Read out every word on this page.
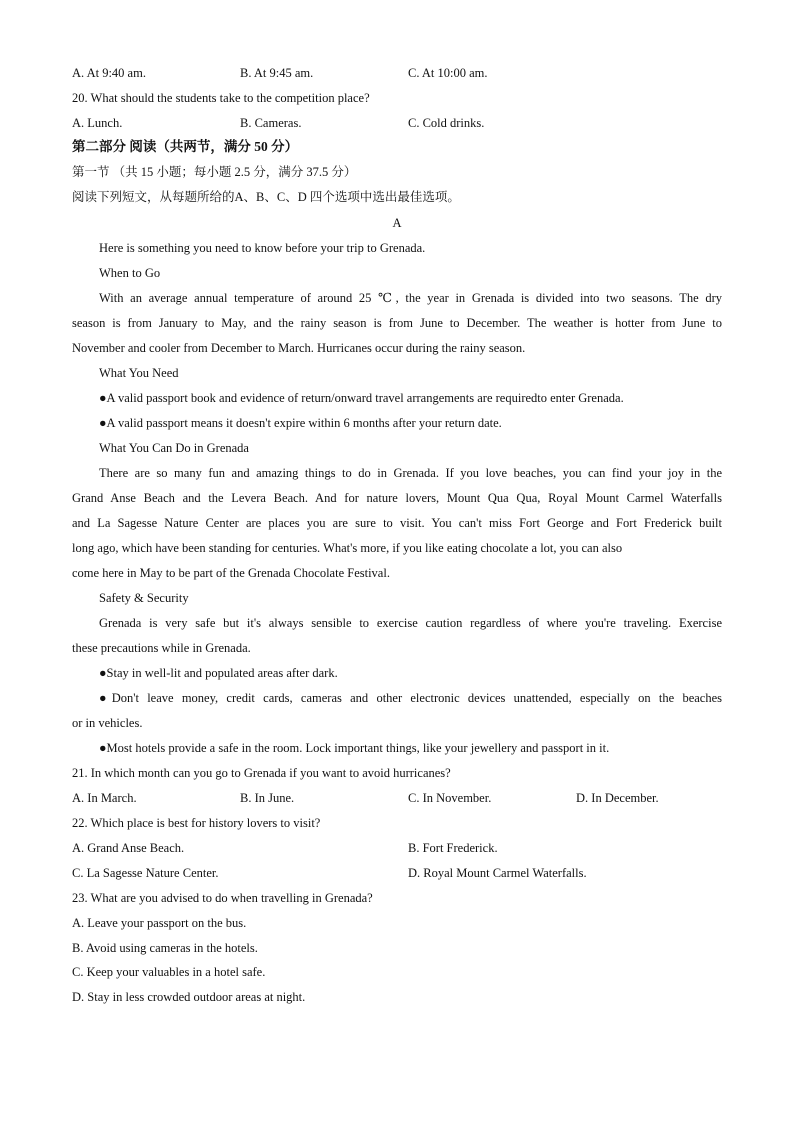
A. At 9:40 am.	B. At 9:45 am.	C. At 10:00 am.
20. What should the students take to the competition place?
A. Lunch.	B. Cameras.	C. Cold drinks.
第二部分 阅读（共两节，满分 50 分）
第一节 （共 15 小题；每小题 2.5 分，满分 37.5 分）
阅读下列短文，从每题所给的A、B、C、D 四个选项中选出最佳选项。
A
Here is something you need to know before your trip to Grenada.
When to Go
With an average annual temperature of around 25 ℃, the year in Grenada is divided into two seasons. The dry
season is from January to May, and the rainy season is from June to December. The weather is hotter from June to
November and cooler from December to March. Hurricanes occur during the rainy season.
What You Need
●A valid passport book and evidence of return/onward travel arrangements are requiredto enter Grenada.
●A valid passport means it doesn't expire within 6 months after your return date.
What You Can Do in Grenada
There are so many fun and amazing things to do in Grenada. If you love beaches, you can find your joy in the
Grand Anse Beach and the Levera Beach. And for nature lovers, Mount Qua Qua, Royal Mount Carmel Waterfalls
and La Sagesse Nature Center are places you are sure to visit. You can't miss Fort George and Fort Frederick built
long ago, which have been standing for centuries. What's more, if you like eating chocolate a lot, you can also
come here in May to be part of the Grenada Chocolate Festival.
Safety & Security
Grenada is very safe but it's always sensible to exercise caution regardless of where you're traveling. Exercise
these precautions while in Grenada.
●Stay in well-lit and populated areas after dark.
●Don't leave money, credit cards, cameras and other electronic devices unattended, especially on the beaches
or in vehicles.
●Most hotels provide a safe in the room. Lock important things, like your jewellery and passport in it.
21. In which month can you go to Grenada if you want to avoid hurricanes?
A. In March.	B. In June.	C. In November.	D. In December.
22. Which place is best for history lovers to visit?
A. Grand Anse Beach.	B. Fort Frederick.
C. La Sagesse Nature Center.	D. Royal Mount Carmel Waterfalls.
23. What are you advised to do when travelling in Grenada?
A. Leave your passport on the bus.
B. Avoid using cameras in the hotels.
C. Keep your valuables in a hotel safe.
D. Stay in less crowded outdoor areas at night.
